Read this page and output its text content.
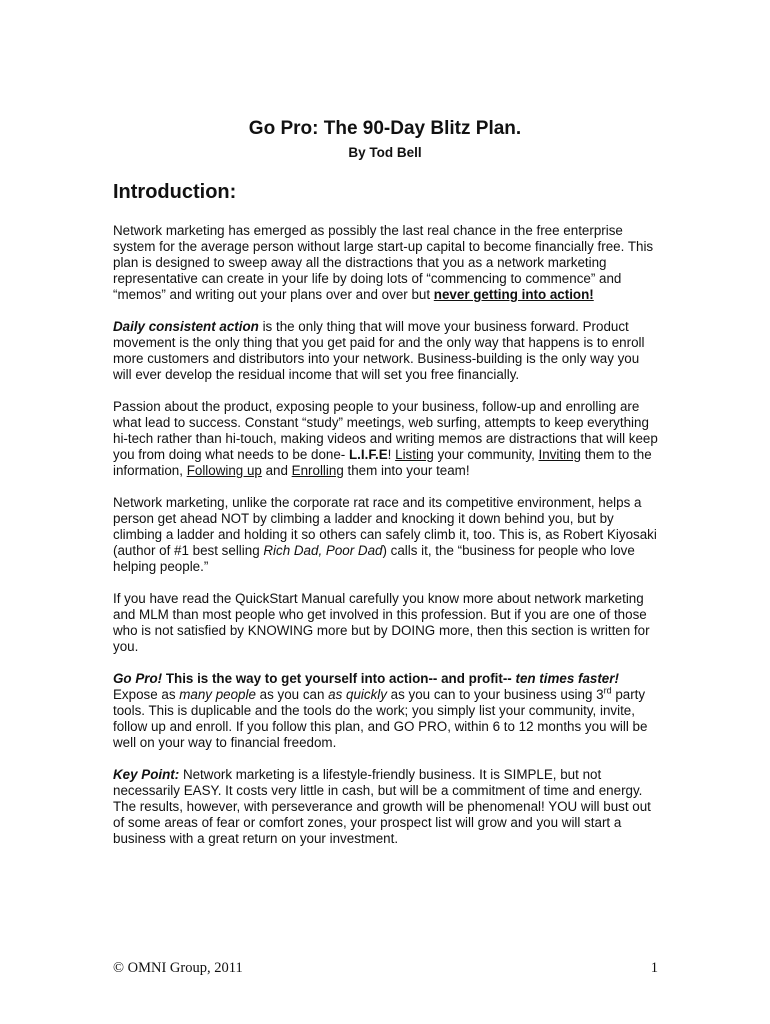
Go Pro: The 90-Day Blitz Plan.
By Tod Bell
Introduction:

Network marketing has emerged as possibly the last real chance in the free enterprise system for the average person without large start-up capital to become financially free. This plan is designed to sweep away all the distractions that you as a network marketing representative can create in your life by doing lots of “commencing to commence” and “memos” and writing out your plans over and over but never getting into action!

Daily consistent action is the only thing that will move your business forward. Product movement is the only thing that you get paid for and the only way that happens is to enroll more customers and distributors into your network. Business-building is the only way you will ever develop the residual income that will set you free financially.

Passion about the product, exposing people to your business, follow-up and enrolling are what lead to success. Constant “study” meetings, web surfing, attempts to keep everything hi-tech rather than hi-touch, making videos and writing memos are distractions that will keep you from doing what needs to be done- L.I.F.E! Listing your community, Inviting them to the information, Following up and Enrolling them into your team!

Network marketing, unlike the corporate rat race and its competitive environment, helps a person get ahead NOT by climbing a ladder and knocking it down behind you, but by climbing a ladder and holding it so others can safely climb it, too. This is, as Robert Kiyosaki (author of #1 best selling Rich Dad, Poor Dad) calls it, the “business for people who love helping people.”

If you have read the QuickStart Manual carefully you know more about network marketing and MLM than most people who get involved in this profession. But if you are one of those who is not satisfied by KNOWING more but by DOING more, then this section is written for you.

Go Pro! This is the way to get yourself into action-- and profit-- ten times faster!
Expose as many people as you can as quickly as you can to your business using 3rd party tools. This is duplicable and the tools do the work; you simply list your community, invite, follow up and enroll. If you follow this plan, and GO PRO, within 6 to 12 months you will be well on your way to financial freedom.

Key Point: Network marketing is a lifestyle-friendly business. It is SIMPLE, but not necessarily EASY. It costs very little in cash, but will be a commitment of time and energy. The results, however, with perseverance and growth will be phenomenal! YOU will bust out of some areas of fear or comfort zones, your prospect list will grow and you will start a business with a great return on your investment.

© OMNI Group, 2011	1
